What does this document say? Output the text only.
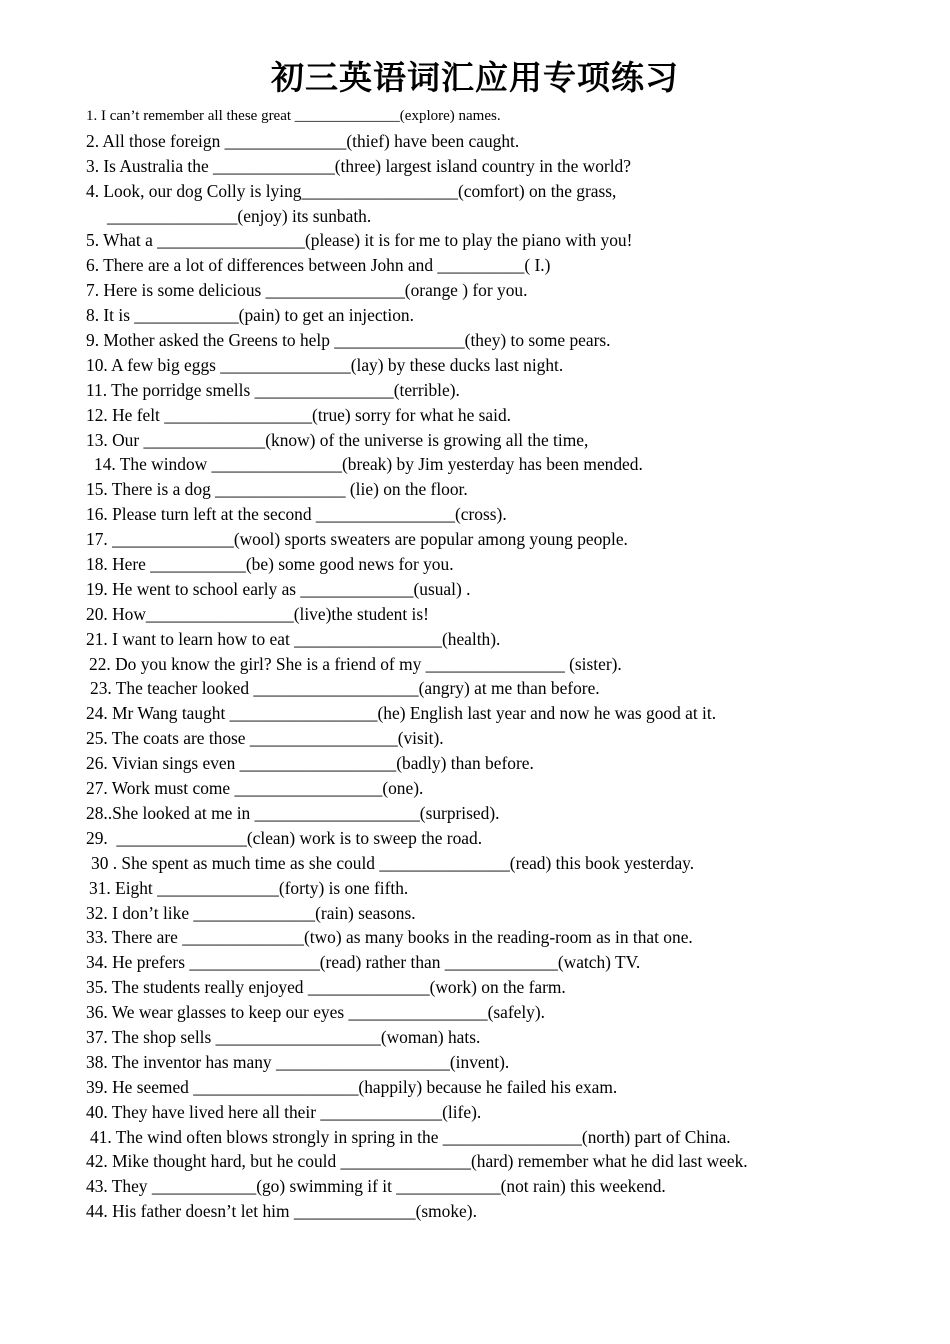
初三英语词汇应用专项练习
1. I can’t remember all these great ______________(explore) names.
2. All those foreign ______________(thief) have been caught.
3. Is Australia the ______________(three) largest island country in the world?
4. Look, our dog Colly is lying__________________(comfort) on the grass,
_______________(enjoy) its sunbath.
5. What a _________________(please) it is for me to play the piano with you!
6. There are a lot of differences between John and __________( I.)
7. Here is some delicious ________________(orange ) for you.
8. It is ____________(pain) to get an injection.
9. Mother asked the Greens to help _______________(they) to some pears.
10. A few big eggs _______________(lay) by these ducks last night.
11. The porridge smells ________________(terrible).
12. He felt _________________(true) sorry for what he said.
13. Our ______________(know) of the universe is growing all the time,
14. The window _______________(break) by Jim yesterday has been mended.
15. There is a dog _______________ (lie) on the floor.
16. Please turn left at the second ________________(cross).
17. ______________(wool) sports sweaters are popular among young people.
18. Here ___________(be) some good news for you.
19. He went to school early as _____________(usual) .
20. How_________________(live)the student is!
21. I want to learn how to eat _________________(health).
22. Do you know the girl? She is a friend of my ________________ (sister).
23. The teacher looked ___________________(angry) at me than before.
24. Mr Wang taught _________________(he) English last year and now he was good at it.
25. The coats are those _________________(visit).
26. Vivian sings even __________________(badly) than before.
27. Work must come _________________(one).
28..She looked at me in ___________________(surprised).
29.  _______________(clean) work is to sweep the road.
30 . She spent as much time as she could _______________(read) this book yesterday.
31. Eight ______________(forty) is one fifth.
32. I don’t like ______________(rain) seasons.
33. There are ______________(two) as many books in the reading-room as in that one.
34. He prefers _______________(read) rather than _____________(watch) TV.
35. The students really enjoyed ______________(work) on the farm.
36. We wear glasses to keep our eyes ________________(safely).
37. The shop sells ___________________(woman) hats.
38. The inventor has many ____________________(invent).
39. He seemed ___________________(happily) because he failed his exam.
40. They have lived here all their ______________(life).
41. The wind often blows strongly in spring in the ________________(north) part of China.
42. Mike thought hard, but he could _______________(hard) remember what he did last week.
43. They ____________(go) swimming if it ____________(not rain) this weekend.
44. His father doesn’t let him ______________(smoke).
